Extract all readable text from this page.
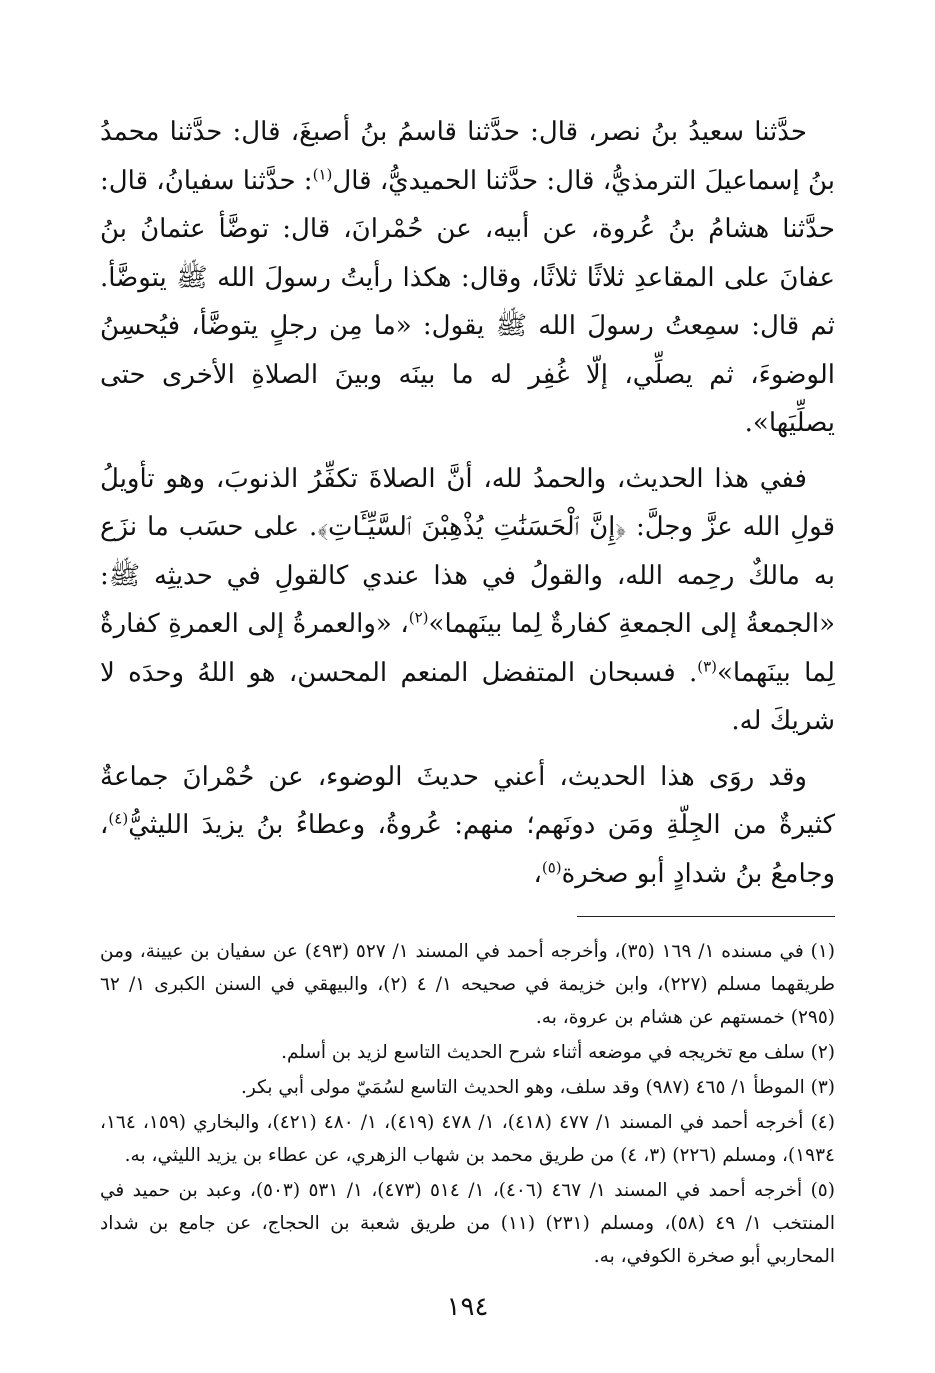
حدَّثنا سعيدُ بنُ نصر، قال: حدَّثنا قاسمُ بنُ أصبغَ، قال: حدَّثنا محمدُ بنُ إسماعيلَ الترمذيُّ، قال: حدَّثنا الحميديُّ، قال$^{(١)}$: حدَّثنا سفيانُ، قال: حدَّثنا هشامُ بنُ عُروة، عن أبيه، عن حُمْرانَ، قال: توضَّأ عثمانُ بنُ عفانَ على المقاعدِ ثلاثًا ثلاثًا، وقال: هكذا رأيتُ رسولَ الله ﷺ يتوضَّأ. ثم قال: سمِعتُ رسولَ الله ﷺ يقول: «ما مِن رجلٍ يتوضَّأ، فيُحسِنُ الوضوءَ، ثم يصلِّي، إلّا غُفِر له ما بينَه وبينَ الصلاةِ الأخرى حتى يصلِّيَها».

ففي هذا الحديث، والحمدُ لله، أنَّ الصلاةَ تكفِّرُ الذنوبَ، وهو تأويلُ قولِ الله عزَّ وجلَّ: ﴿إِنَّ ٱلْحَسَنَٰتِ يُذْهِبْنَ ٱلسَّيِّـَٔاتِ﴾. على حسَب ما نزَع به مالكٌ رحِمه الله، والقولُ في هذا عندي كالقولِ في حديثِه ﷺ: «الجمعةُ إلى الجمعةِ كفارةٌ لِما بينَهما»$^{(٢)}$، «والعمرةُ إلى العمرةِ كفارةٌ لِما بينَهما»$^{(٣)}$. فسبحان المتفضل المنعم المحسن، هو اللهُ وحدَه لا شريكَ له.

وقد روَى هذا الحديث، أعني حديثَ الوضوء، عن حُمْرانَ جماعةٌ كثيرةٌ من الجِلّةِ ومَن دونَهم؛ منهم: عُروةُ، وعطاءُ بنُ يزيدَ الليثيُّ$^{(٤)}$، وجامعُ بنُ شدادٍ أبو صخرة$^{(٥)}$،

(١) في مسنده ١/ ١٦٩ (٣٥)، وأخرجه أحمد في المسند ١/ ٥٢٧ (٤٩٣) عن سفيان بن عيينة، ومن طريقهما مسلم (٢٢٧)، وابن خزيمة في صحيحه ١/ ٤ (٢)، والبيهقي في السنن الكبرى ١/ ٦٢ (٢٩٥) خمستهم عن هشام بن عروة، به.

(٢) سلف مع تخريجه في موضعه أثناء شرح الحديث التاسع لزيد بن أسلم.

(٣) الموطأ ١/ ٤٦٥ (٩٨٧) وقد سلف، وهو الحديث التاسع لسُمَيّ مولى أبي بكر.

(٤) أخرجه أحمد في المسند ١/ ٤٧٧ (٤١٨)، ١/ ٤٧٨ (٤١٩)، ١/ ٤٨٠ (٤٢١)، والبخاري (١٥٩، ١٦٤، ١٩٣٤)، ومسلم (٢٢٦) (٣، ٤) من طريق محمد بن شهاب الزهري، عن عطاء بن يزيد الليثي، به.

(٥) أخرجه أحمد في المسند ١/ ٤٦٧ (٤٠٦)، ١/ ٥١٤ (٤٧٣)، ١/ ٥٣١ (٥٠٣)، وعبد بن حميد في المنتخب ١/ ٤٩ (٥٨)، ومسلم (٢٣١) (١١) من طريق شعبة بن الحجاج، عن جامع بن شداد المحاربي أبو صخرة الكوفي، به.

١٩٤
